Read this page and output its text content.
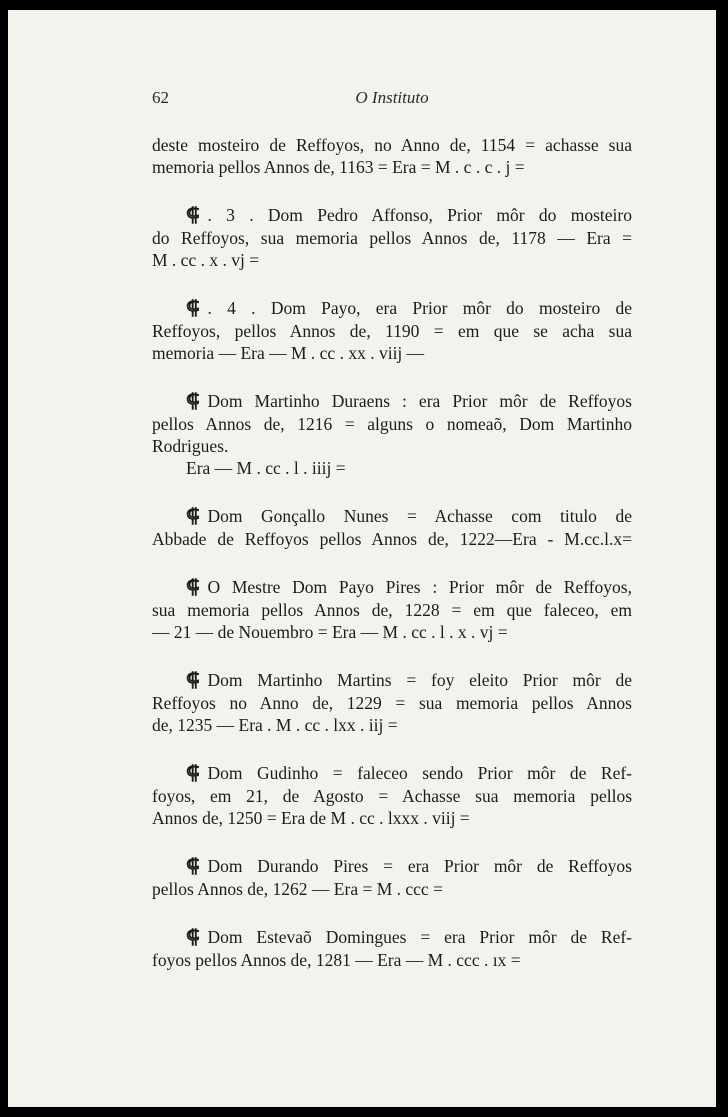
62	O Instituto

deste mosteiro de Reffoyos, no Anno de, 1154 = achasse sua
memoria pellos Annos de, 1163 = Era = M . c . c . j =

⸿ . 3 . Dom Pedro Affonso, Prior môr do mosteiro
do Reffoyos, sua memoria pellos Annos de, 1178 — Era =
M . cc . x . vj =

⸿ . 4 . Dom Payo, era Prior môr do mosteiro de
Reffoyos, pellos Annos de, 1190 = em que se acha sua
memoria — Era — M . cc . xx . viij —

⸿ Dom Martinho Duraens : era Prior môr de Reffoyos
pellos Annos de, 1216 = alguns o nomeaõ, Dom Martinho
Rodrigues.
Era — M . cc . l . iiij =

⸿ Dom Gonçallo Nunes = Achasse com titulo de
Abbade de Reffoyos pellos Annos de, 1222—Era - M.cc.l.x=

⸿ O Mestre Dom Payo Pires : Prior môr de Reffoyos,
sua memoria pellos Annos de, 1228 = em que faleceo, em
— 21 — de Nouembro = Era — M . cc . l . x . vj =

⸿ Dom Martinho Martins = foy eleito Prior môr de
Reffoyos no Anno de, 1229 = sua memoria pellos Annos
de, 1235 — Era . M . cc . lxx . iij =

⸿ Dom Gudinho = faleceo sendo Prior môr de Ref-
foyos, em 21, de Agosto = Achasse sua memoria pellos
Annos de, 1250 = Era de M . cc . lxxx . viij =

⸿ Dom Durando Pires = era Prior môr de Reffoyos
pellos Annos de, 1262 — Era = M . ccc =

⸿ Dom Estevaõ Domingues = era Prior môr de Ref-
foyos pellos Annos de, 1281 — Era — M . ccc . ıx =
